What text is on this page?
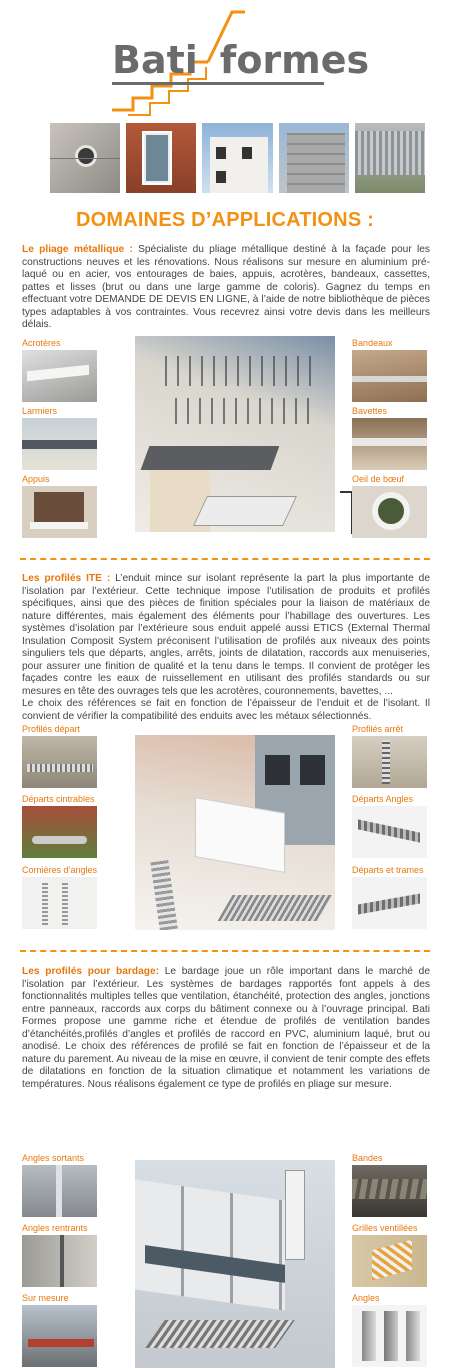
Bati formes
DOMAINES D’APPLICATIONS :
Le pliage métallique : Spécialiste du pliage métallique destiné à la façade pour les constructions neuves et les rénovations. Nous réalisons sur mesure en aluminium pré-laqué ou en acier, vos entourages de baies, appuis, acrotères, bandeaux, cassettes, pattes et lisses (brut ou dans une large gamme de coloris). Gagnez du temps en effectuant votre DEMANDE DE DEVIS EN LIGNE, à l’aide de notre bibliothèque de pièces types adaptables à vos contraintes. Vous recevrez ainsi votre devis dans les meilleurs délais.
Acrotères
Larmiers
Appuis
Bandeaux
Bavettes
Oeil de bœuf
Les profilés ITE : L’enduit mince sur isolant représente la part la plus importante de l’isolation par l’extérieur. Cette technique impose l’utilisation de produits et profilés spécifiques, ainsi que des pièces de finition spéciales pour la liaison de matériaux de nature différentes, mais également des éléments pour l’habillage des ouvertures. Les systèmes d’isolation par l’extérieure sous enduit appelé aussi ETICS (External Thermal Insulation Composit System préconisent l’utilisation de profilés aux niveaux des points singuliers tels que départs, angles, arrêts, joints de dilatation, raccords aux menuiseries, pour assurer une finition de qualité et la tenu dans le temps. Il convient de protéger les façades contre les eaux de ruissellement en utilisant des profilés standards ou sur mesures en tête des ouvrages tels que les acrotères, couronnements, bavettes, ...
Le choix des références se fait en fonction de l’épaisseur de l’enduit et de l’isolant. Il convient de vérifier la compatibilité des enduits avec les métaux sélectionnés.
Profilés départ
Départs cintrables
Cornières d’angles
Profilés arrêt
Départs Angles
Départs et trames
Les profilés pour bardage: Le bardage joue un rôle important dans le marché de l’isolation par l’extérieur. Les systèmes de bardages rapportés font appels à des fonctionnalités multiples telles que ventilation, étanchéité, protection des angles, jonctions entre panneaux, raccords aux corps du bâtiment connexe ou à l’ouvrage principal. Bati Formes propose une gamme riche et étendue de profilés de ventilation bandes d’étanchéités,profilés d’angles et profilés de raccord en PVC, aluminium laqué, brut ou anodisé. Le choix des références de profilé se fait en fonction de l’épaisseur et de la nature du parement. Au niveau de la mise en œuvre, il convient de tenir compte des effets de dilatations en fonction de la situation climatique et notamment les variations de températures. Nous réalisons également ce type de profilés en pliage sur mesure.
Angles sortants
Angles rentrants
Sur mesure
Bandes
Grilles ventillées
Angles
